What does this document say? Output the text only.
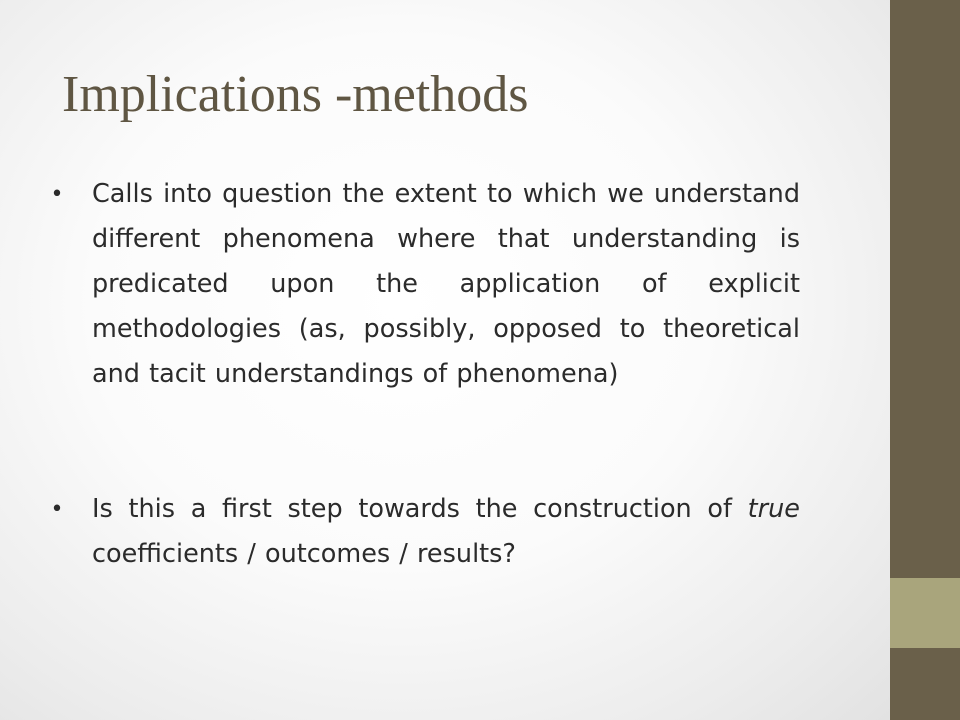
Implications -methods
• Calls into question the extent to which we understand different phenomena where that understanding is predicated upon the application of explicit methodologies (as, possibly, opposed to theoretical and tacit understandings of phenomena)
• Is this a first step towards the construction of true coefficients / outcomes / results?
